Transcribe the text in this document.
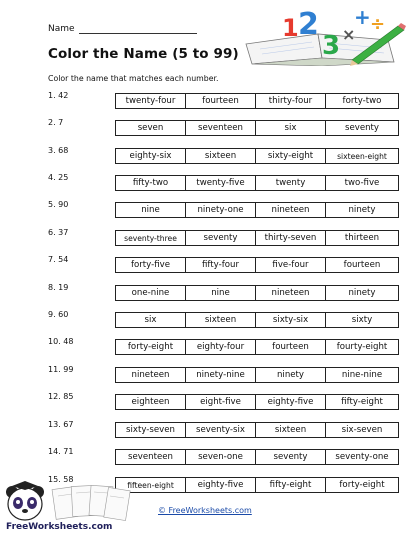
Name
Color the Name (5 to 99)
Color the name that matches each number.
1 2
3 ×
+ ÷
1. 42
twenty-four	fourteen	thirty-four	forty-two
2. 7
seven	seventeen	six	seventy
3. 68
eighty-six	sixteen	sixty-eight	sixteen-eight
4. 25
fifty-two	twenty-five	twenty	two-five
5. 90
nine	ninety-one	nineteen	ninety
6. 37
seventy-three	seventy	thirty-seven	thirteen
7. 54
forty-five	fifty-four	five-four	fourteen
8. 19
one-nine	nine	nineteen	ninety
9. 60
six	sixteen	sixty-six	sixty
10. 48
forty-eight	eighty-four	fourteen	fourty-eight
11. 99
nineteen	ninety-nine	ninety	nine-nine
12. 85
eighteen	eight-five	eighty-five	fifty-eight
13. 67
sixty-seven	seventy-six	sixteen	six-seven
14. 71
seventeen	seven-one	seventy	seventy-one
15. 58
fifteen-eight	eighty-five	fifty-eight	forty-eight
FreeWorksheets.com
© FreeWorksheets.com
